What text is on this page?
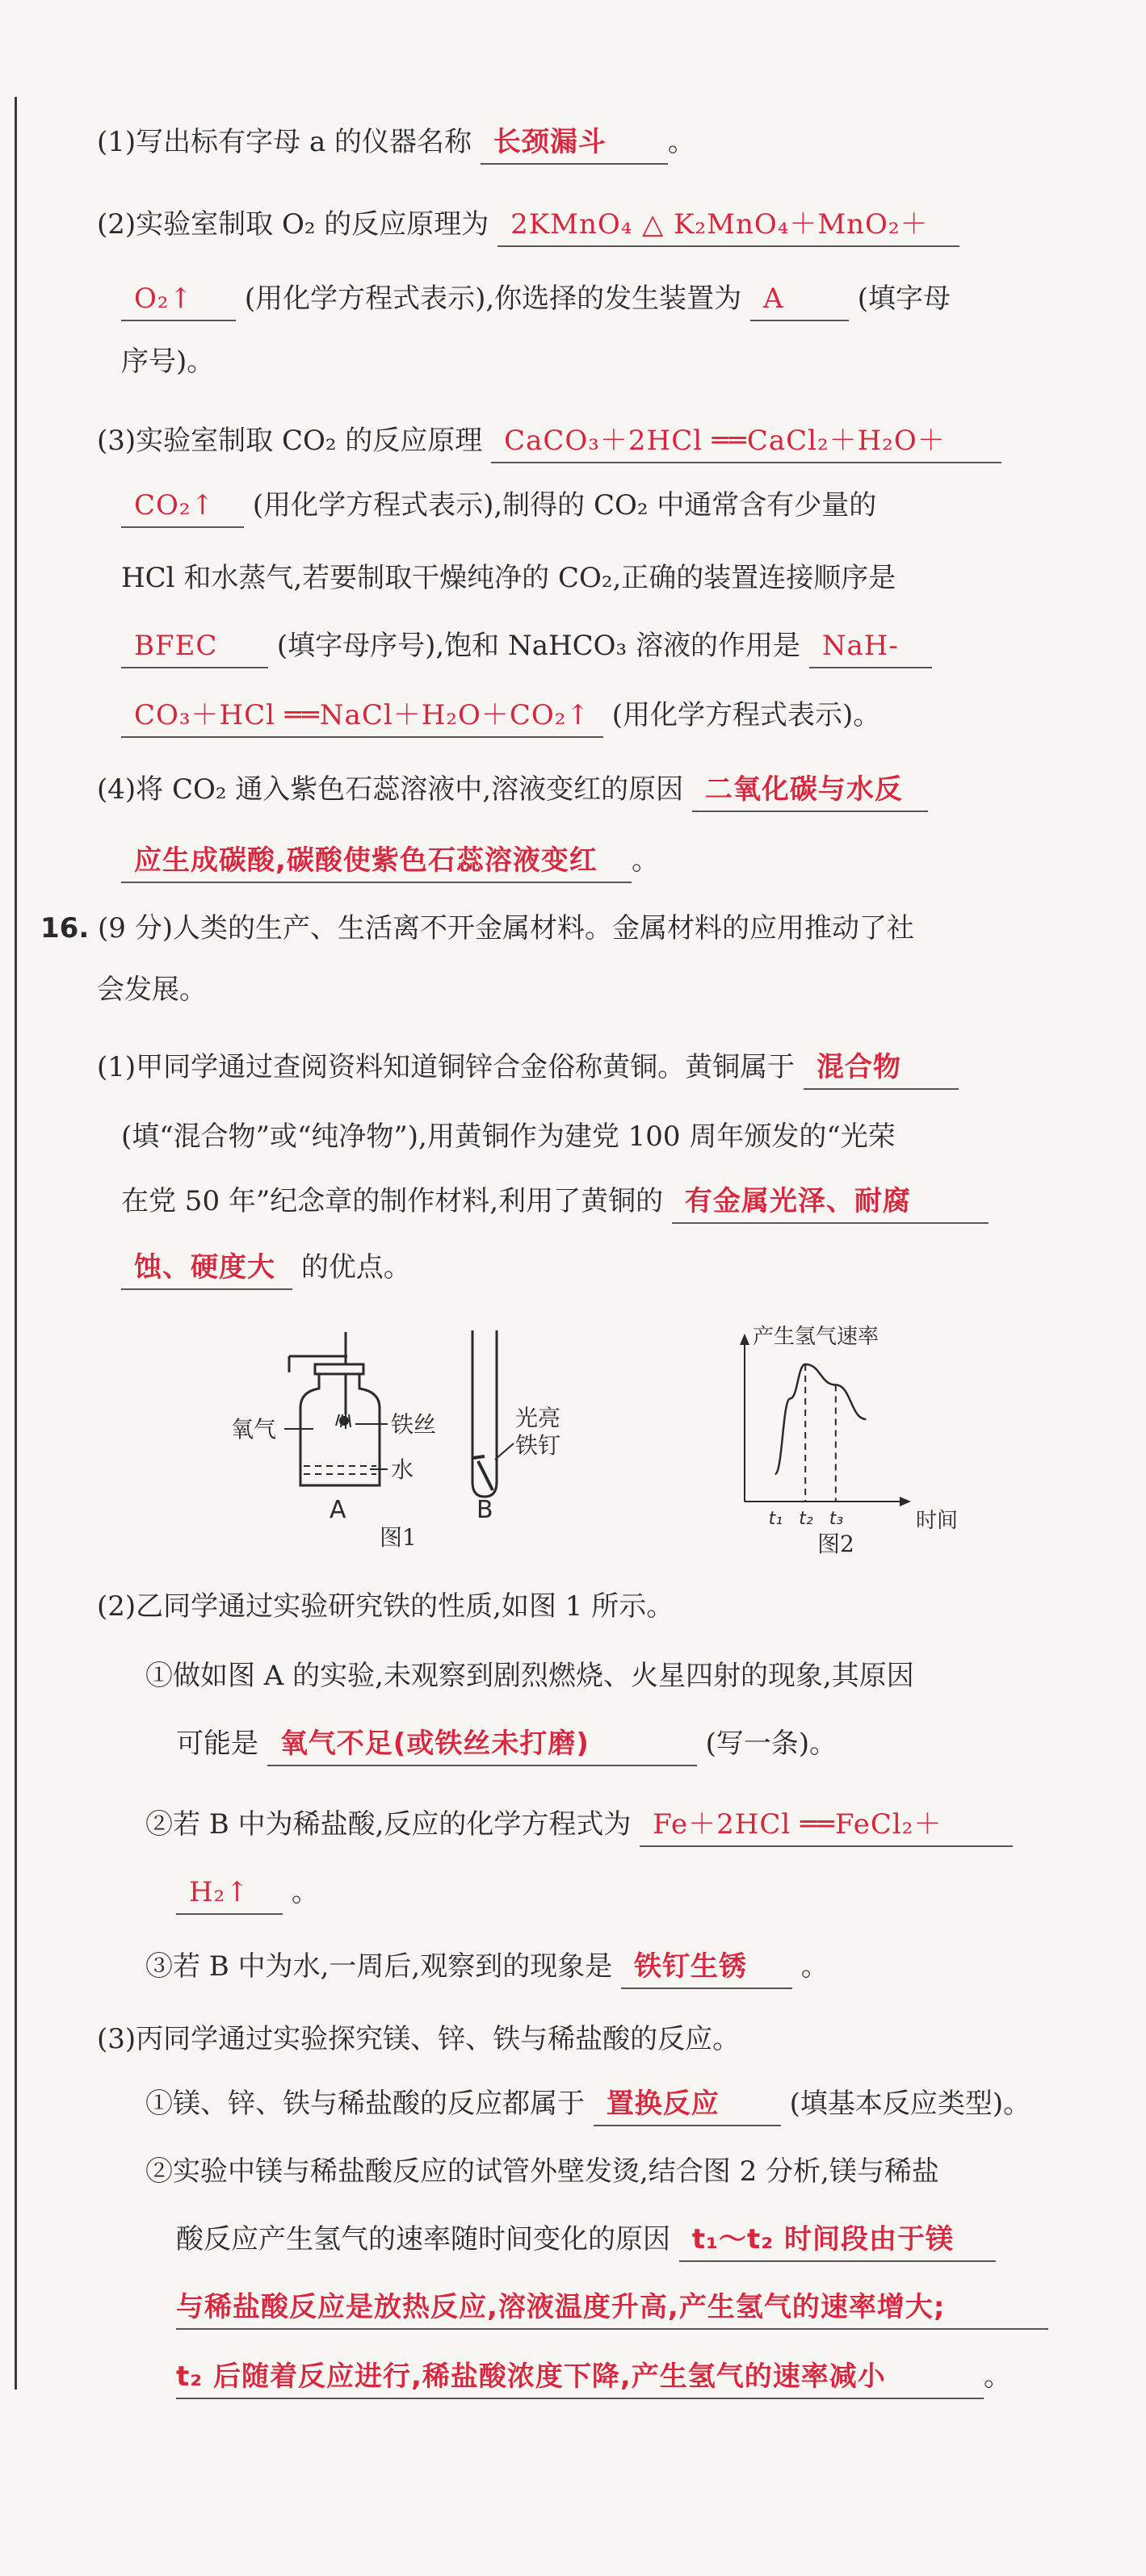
(1)写出标有字母 a 的仪器名称 长颈漏斗 。
(2)实验室制取 O₂ 的反应原理为 2KMnO₄ △ K₂MnO₄＋MnO₂＋
O₂↑ (用化学方程式表示),你选择的发生装置为 A	(填字母
序号)。
(3)实验室制取 CO₂ 的反应原理 CaCO₃＋2HCl ══CaCl₂＋H₂O＋
CO₂↑ (用化学方程式表示),制得的 CO₂ 中通常含有少量的
HCl 和水蒸气,若要制取干燥纯净的 CO₂,正确的装置连接顺序是
BFEC (填字母序号),饱和 NaHCO₃ 溶液的作用是 NaH-
CO₃＋HCl ══NaCl＋H₂O＋CO₂↑ (用化学方程式表示)。
(4)将 CO₂ 通入紫色石蕊溶液中,溶液变红的原因 二氧化碳与水反
应生成碳酸,碳酸使紫色石蕊溶液变红 。
16. (9 分)人类的生产、生活离不开金属材料。金属材料的应用推动了社
会发展。
(1)甲同学通过查阅资料知道铜锌合金俗称黄铜。黄铜属于 混合物
(填“混合物”或“纯净物”),用黄铜作为建党 100 周年颁发的“光荣
在党 50 年”纪念章的制作材料,利用了黄铜的 有金属光泽、耐腐
蚀、硬度大 的优点。
氧气	铁丝
水
A
光亮
铁钉
B
图1
产生氢气速率
时间
t₁ t₂ t₃
图2
(2)乙同学通过实验研究铁的性质,如图 1 所示。
①做如图 A 的实验,未观察到剧烈燃烧、火星四射的现象,其原因
可能是 氧气不足(或铁丝未打磨)	(写一条)。
②若 B 中为稀盐酸,反应的化学方程式为 Fe＋2HCl ══FeCl₂＋
H₂↑ 。
③若 B 中为水,一周后,观察到的现象是 铁钉生锈 。
(3)丙同学通过实验探究镁、锌、铁与稀盐酸的反应。
①镁、锌、铁与稀盐酸的反应都属于 置换反应	(填基本反应类型)。
②实验中镁与稀盐酸反应的试管外壁发烫,结合图 2 分析,镁与稀盐
酸反应产生氢气的速率随时间变化的原因 t₁～t₂ 时间段由于镁
与稀盐酸反应是放热反应,溶液温度升高,产生氢气的速率增大;
t₂ 后随着反应进行,稀盐酸浓度下降,产生氢气的速率减小	。
